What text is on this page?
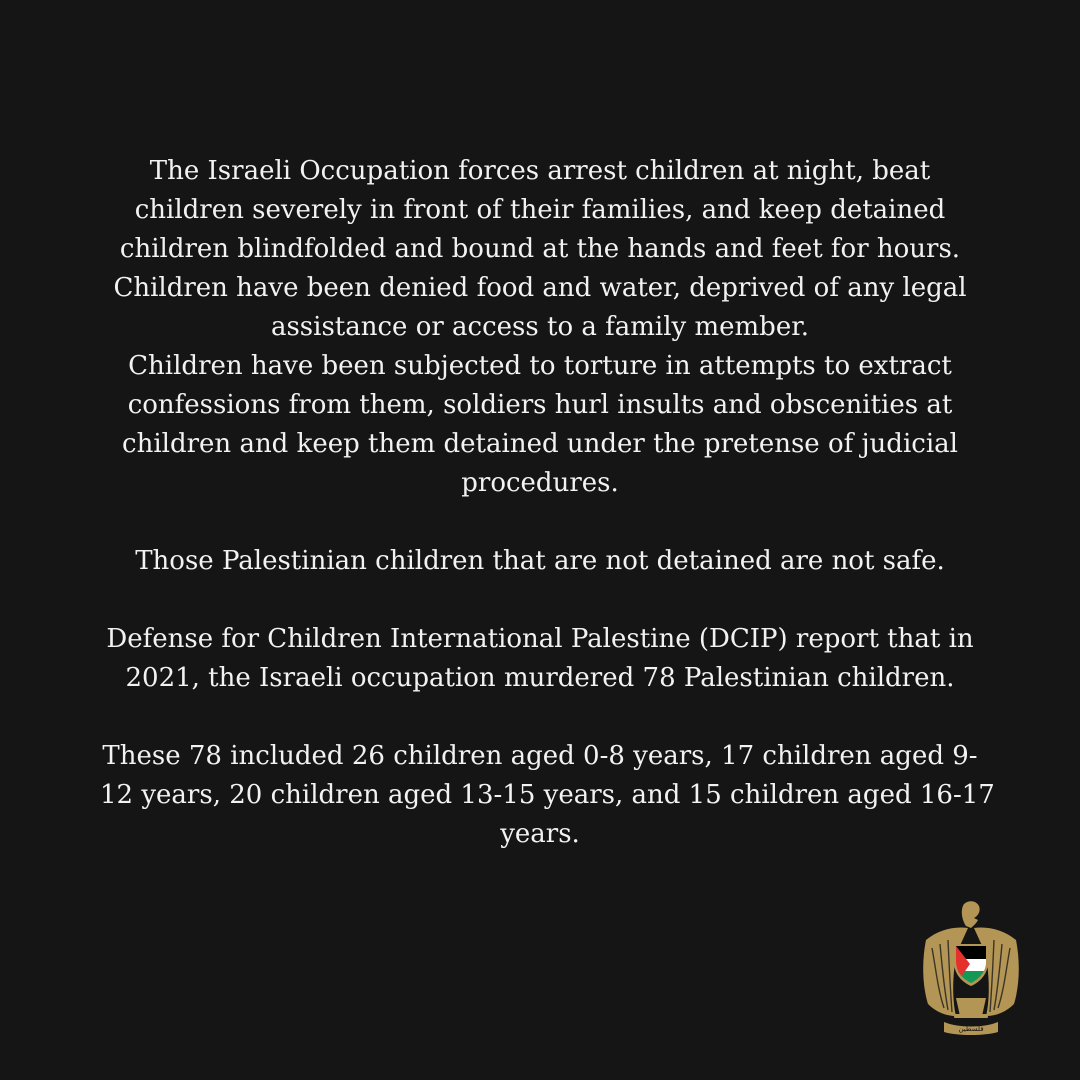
The Israeli Occupation forces arrest children at night, beat
children severely in front of their families, and keep detained
children blindfolded and bound at the hands and feet for hours.
Children have been denied food and water, deprived of any legal
assistance or access to a family member.

Children have been subjected to torture in attempts to extract
confessions from them, soldiers hurl insults and obscenities at
children and keep them detained under the pretense of judicial
procedures.

Those Palestinian children that are not detained are not safe.

Defense for Children International Palestine (DCIP) report that in
2021, the Israeli occupation murdered 78 Palestinian children.

These 78 included 26 children aged 0-8 years, 17 children aged 9-
12 years, 20 children aged 13-15 years, and 15 children aged 16-17
years.

فلسطين
